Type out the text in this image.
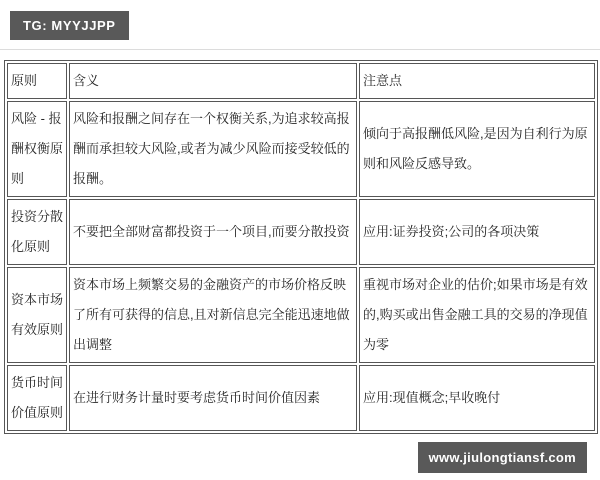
TG: MYYJJPP
原则	含义	注意点
风险 - 报酬权衡原则	风险和报酬之间存在一个权衡关系,为追求较高报酬而承担较大风险,或者为减少风险而接受较低的报酬。	倾向于高报酬低风险,是因为自利行为原则和风险反感导致。
投资分散化原则	不要把全部财富都投资于一个项目,而要分散投资	应用:证券投资;公司的各项决策
资本市场有效原则	资本市场上频繁交易的金融资产的市场价格反映了所有可获得的信息,且对新信息完全能迅速地做出调整	重视市场对企业的估价;如果市场是有效的,购买或出售金融工具的交易的净现值为零
货币时间价值原则	在进行财务计量时要考虑货币时间价值因素	应用:现值概念;早收晚付
www.jiulongtiansf.com
